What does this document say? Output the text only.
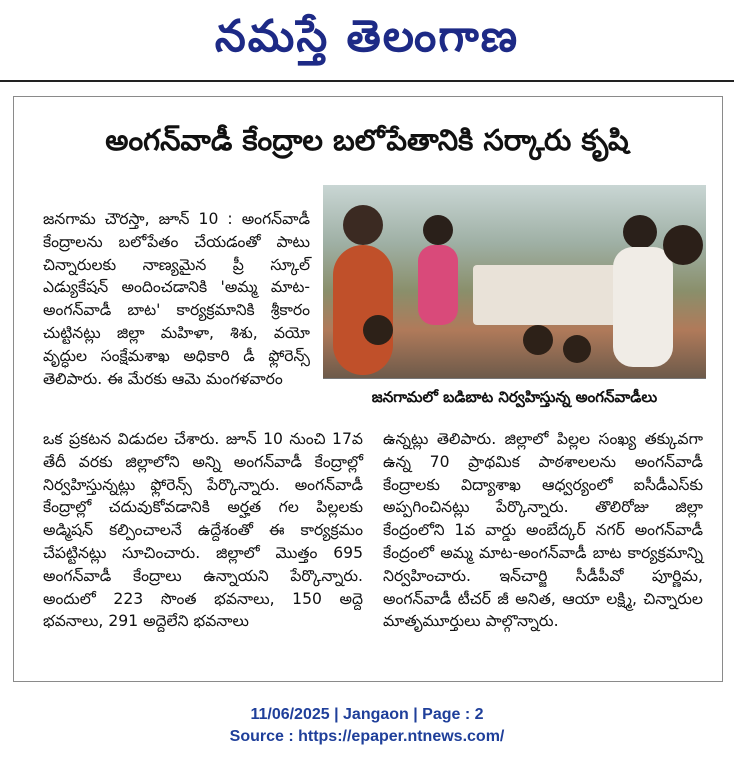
నమస్తే తెలంగాణ
అంగన్‌వాడీ కేంద్రాల బలోపేతానికి సర్కారు కృషి
జనగామలో బడిబాట నిర్వహిస్తున్న అంగన్‌వాడీలు

జనగామ చౌరస్తా, జూన్ 10 : అంగన్‌వాడీ కేంద్రాలను బలోపేతం చేయడంతో పాటు చిన్నారులకు నాణ్యమైన ప్రీ స్కూల్ ఎడ్యుకేషన్ అందించడానికి 'అమ్మ మాట-అంగన్‌వాడీ బాట' కార్యక్రమానికి శ్రీకారం చుట్టినట్లు జిల్లా మహిళా, శిశు, వయో వృద్ధుల సంక్షేమశాఖ అధికారి డీ ఫ్లోరెన్స్ తెలిపారు. ఈ మేరకు ఆమె మంగళవారం

ఒక ప్రకటన విడుదల చేశారు. జూన్ 10 నుంచి 17వ తేదీ వరకు జిల్లాలోని అన్ని అంగన్‌వాడీ కేంద్రాల్లో నిర్వహిస్తున్నట్లు ఫ్లోరెన్స్ పేర్కొన్నారు. అంగన్‌వాడీ కేంద్రాల్లో చదువుకోవడానికి అర్హత గల పిల్లలకు అడ్మిషన్ కల్పించాలనే ఉద్దేశంతో ఈ కార్యక్రమం చేపట్టినట్లు సూచించారు. జిల్లాలో మొత్తం 695 అంగన్‌వాడీ కేంద్రాలు ఉన్నాయని పేర్కొన్నారు. అందులో 223 సొంత భవనాలు, 150 అద్దె భవనాలు, 291 అద్దెలేని భవనాలు

ఉన్నట్లు తెలిపారు. జిల్లాలో పిల్లల సంఖ్య తక్కువగా ఉన్న 70 ప్రాథమిక పాఠశాలలను అంగన్‌వాడీ కేంద్రాలకు విద్యాశాఖ ఆధ్వర్యంలో ఐసీడీఎస్‌కు అప్పగించినట్లు పేర్కొన్నారు. తొలిరోజు జిల్లా కేంద్రంలోని 1వ వార్డు అంబేద్కర్ నగర్ అంగన్‌వాడీ కేంద్రంలో అమ్మ మాట-అంగన్‌వాడీ బాట కార్యక్రమాన్ని నిర్వహించారు. ఇన్‌చార్జి సీడీపీవో పూర్ణిమ, అంగన్‌వాడీ టీచర్ జీ అనిత, ఆయా లక్ష్మి, చిన్నారుల మాతృమూర్తులు పాల్గొన్నారు.

11/06/2025 | Jangaon | Page : 2
Source : https://epaper.ntnews.com/
